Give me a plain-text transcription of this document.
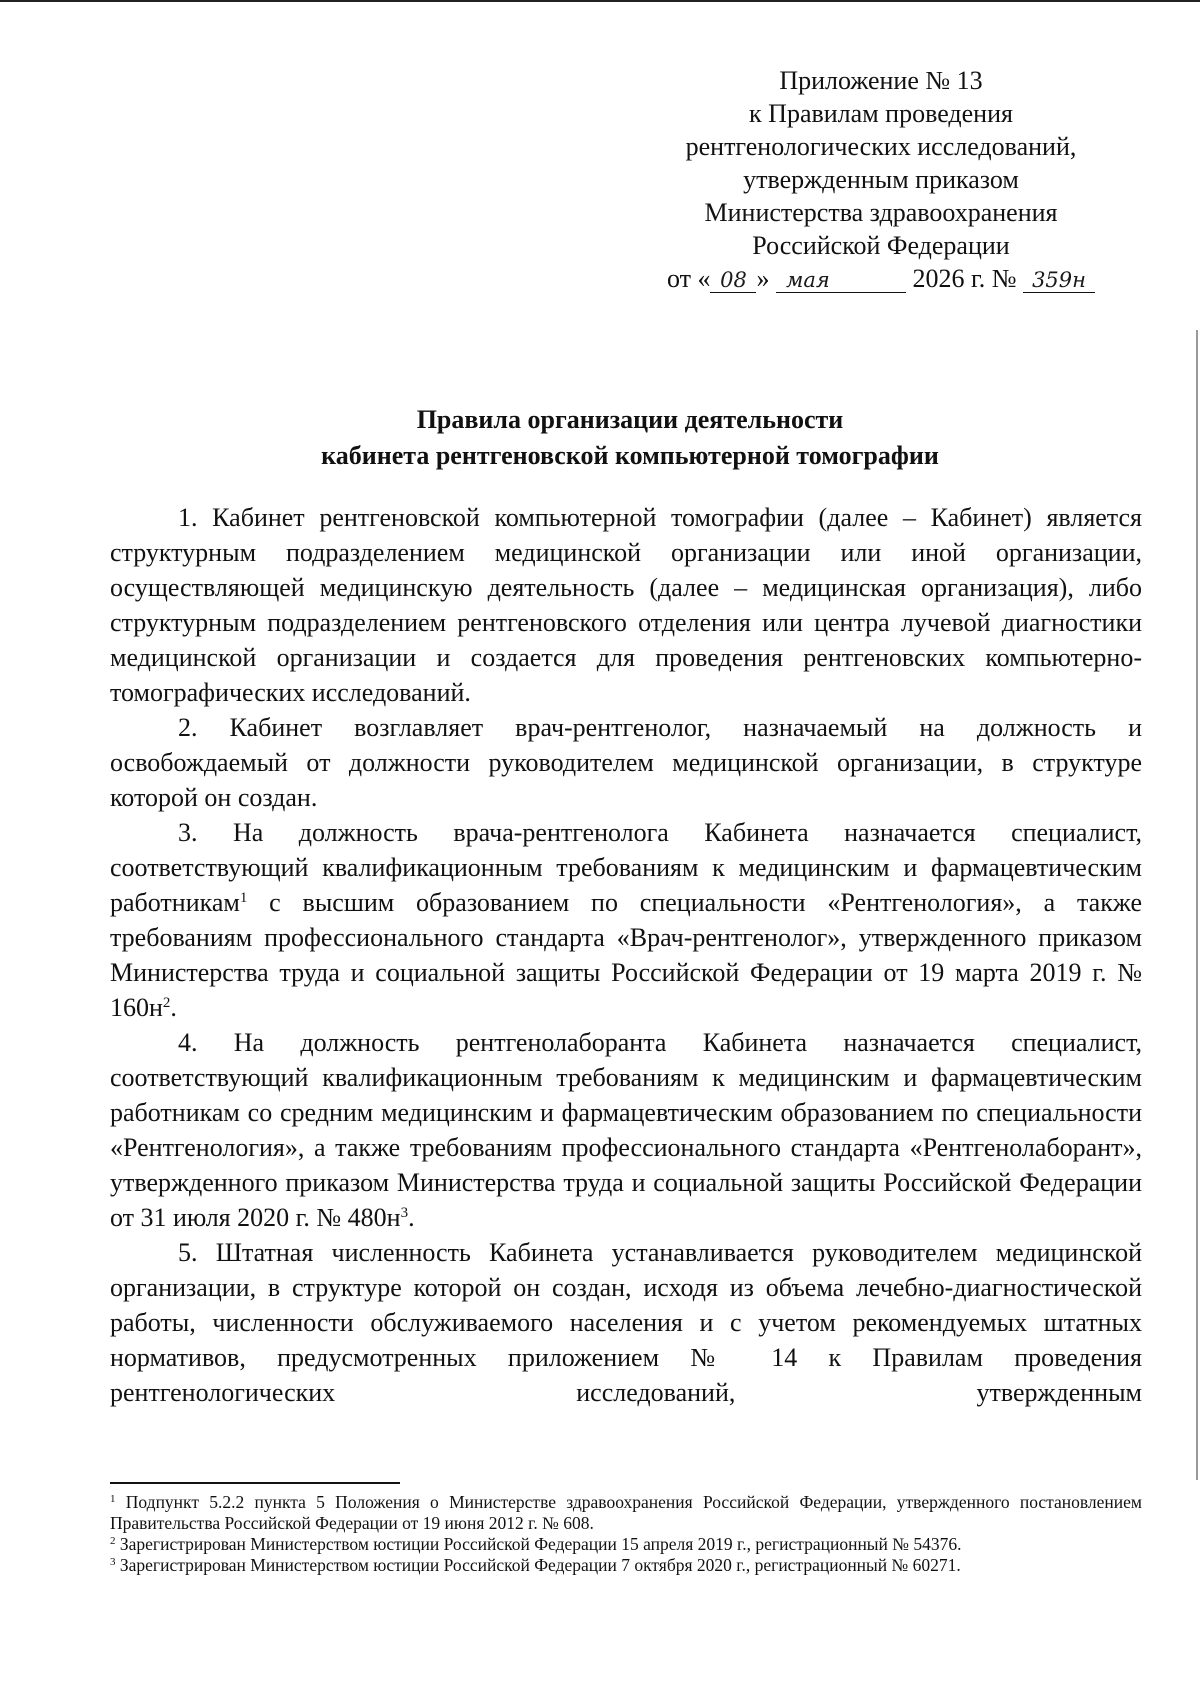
Приложение № 13
к Правилам проведения
рентгенологических исследований,
утвержденным приказом
Министерства здравоохранения
Российской Федерации
от « 08 » мая	2026 г. № 359н
Правила организации деятельности
кабинета рентгеновской компьютерной томографии

1. Кабинет рентгеновской компьютерной томографии (далее – Кабинет) является структурным подразделением медицинской организации или иной организации, осуществляющей медицинскую деятельность (далее – медицинская организация), либо структурным подразделением рентгеновского отделения или центра лучевой диагностики медицинской организации и создается для проведения рентгеновских компьютерно-томографических исследований.

2. Кабинет возглавляет врач-рентгенолог, назначаемый на должность и освобождаемый от должности руководителем медицинской организации, в структуре которой он создан.

3. На должность врача-рентгенолога Кабинета назначается специалист, соответствующий квалификационным требованиям к медицинским и фармацевтическим работникам$^1$ с высшим образованием по специальности «Рентгенология», а также требованиям профессионального стандарта «Врач-рентгенолог», утвержденного приказом Министерства труда и социальной защиты Российской Федерации от 19 марта 2019 г. № $160н^2$.

4. На должность рентгенолаборанта Кабинета назначается специалист, соответствующий квалификационным требованиям к медицинским и фармацевтическим работникам со средним медицинским и фармацевтическим образованием по специальности «Рентгенология», а также требованиям профессионального стандарта «Рентгенолаборант», утвержденного приказом Министерства труда и социальной защиты Российской Федерации от 31 июля 2020 г. № $480н^3$.

5. Штатная численность Кабинета устанавливается руководителем медицинской организации, в структуре которой он создан, исходя из объема лечебно-диагностической работы, численности обслуживаемого населения и с учетом рекомендуемых штатных нормативов, предусмотренных приложением № 14 к Правилам проведения рентгенологических исследований, утвержденным

$^1$ Подпункт 5.2.2 пункта 5 Положения о Министерстве здравоохранения Российской Федерации, утвержденного постановлением Правительства Российской Федерации от 19 июня 2012 г. № 608.

$^2$ Зарегистрирован Министерством юстиции Российской Федерации 15 апреля 2019 г., регистрационный № 54376.

$^3$ Зарегистрирован Министерством юстиции Российской Федерации 7 октября 2020 г., регистрационный № 60271.
